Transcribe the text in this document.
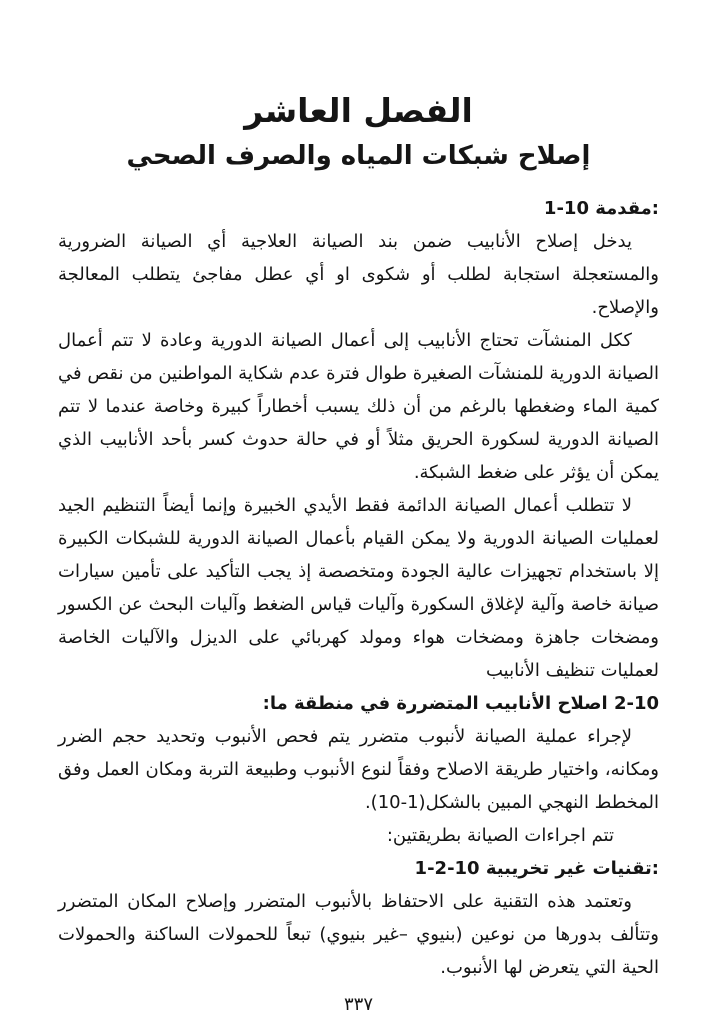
الفصل العاشر
إصلاح شبكات المياه والصرف الصحي
1-10 مقدمة:

يدخل إصلاح الأنابيب ضمن بند الصيانة العلاجية أي الصيانة الضرورية والمستعجلة استجابة لطلب أو شكوى او أي عطل مفاجئ يتطلب المعالجة والإصلاح.

ككل المنشآت تحتاج الأنابيب إلى أعمال الصيانة الدورية وعادة لا تتم أعمال الصيانة الدورية للمنشآت الصغيرة طوال فترة عدم شكاية المواطنين من نقص في كمية الماء وضغطها بالرغم من أن ذلك يسبب أخطاراً كبيرة وخاصة عندما لا تتم الصيانة الدورية لسكورة الحريق مثلاً أو في حالة حدوث كسر بأحد الأنابيب الذي يمكن أن يؤثر على ضغط الشبكة.

لا تتطلب أعمال الصيانة الدائمة فقط الأيدي الخبيرة وإنما أيضاً التنظيم الجيد لعمليات الصيانة الدورية ولا يمكن القيام بأعمال الصيانة الدورية للشبكات الكبيرة إلا باستخدام تجهيزات عالية الجودة ومتخصصة إذ يجب التأكيد على تأمين سيارات صيانة خاصة وآلية لإغلاق السكورة وآليات قياس الضغط وآليات البحث عن الكسور ومضخات جاهزة ومضخات هواء ومولد كهربائي على الديزل والآليات الخاصة لعمليات تنظيف الأنابيب

2-10 اصلاح الأنابيب المتضررة في منطقة ما:

لإجراء عملية الصيانة لأنبوب متضرر يتم فحص الأنبوب وتحديد حجم الضرر ومكانه، واختيار طريقة الاصلاح وفقاً لنوع الأنبوب وطبيعة التربة ومكان العمل وفق المخطط النهجي المبين بالشكل(1-10).

تتم اجراءات الصيانة بطريقتين:

1-2-10 تقنيات غير تخريبية:

وتعتمد هذه التقنية على الاحتفاظ بالأنبوب المتضرر وإصلاح المكان المتضرر وتتألف بدورها من نوعين (بنيوي –غير بنيوي) تبعاً للحمولات الساكنة والحمولات الحية التي يتعرض لها الأنبوب.

٣٣٧
